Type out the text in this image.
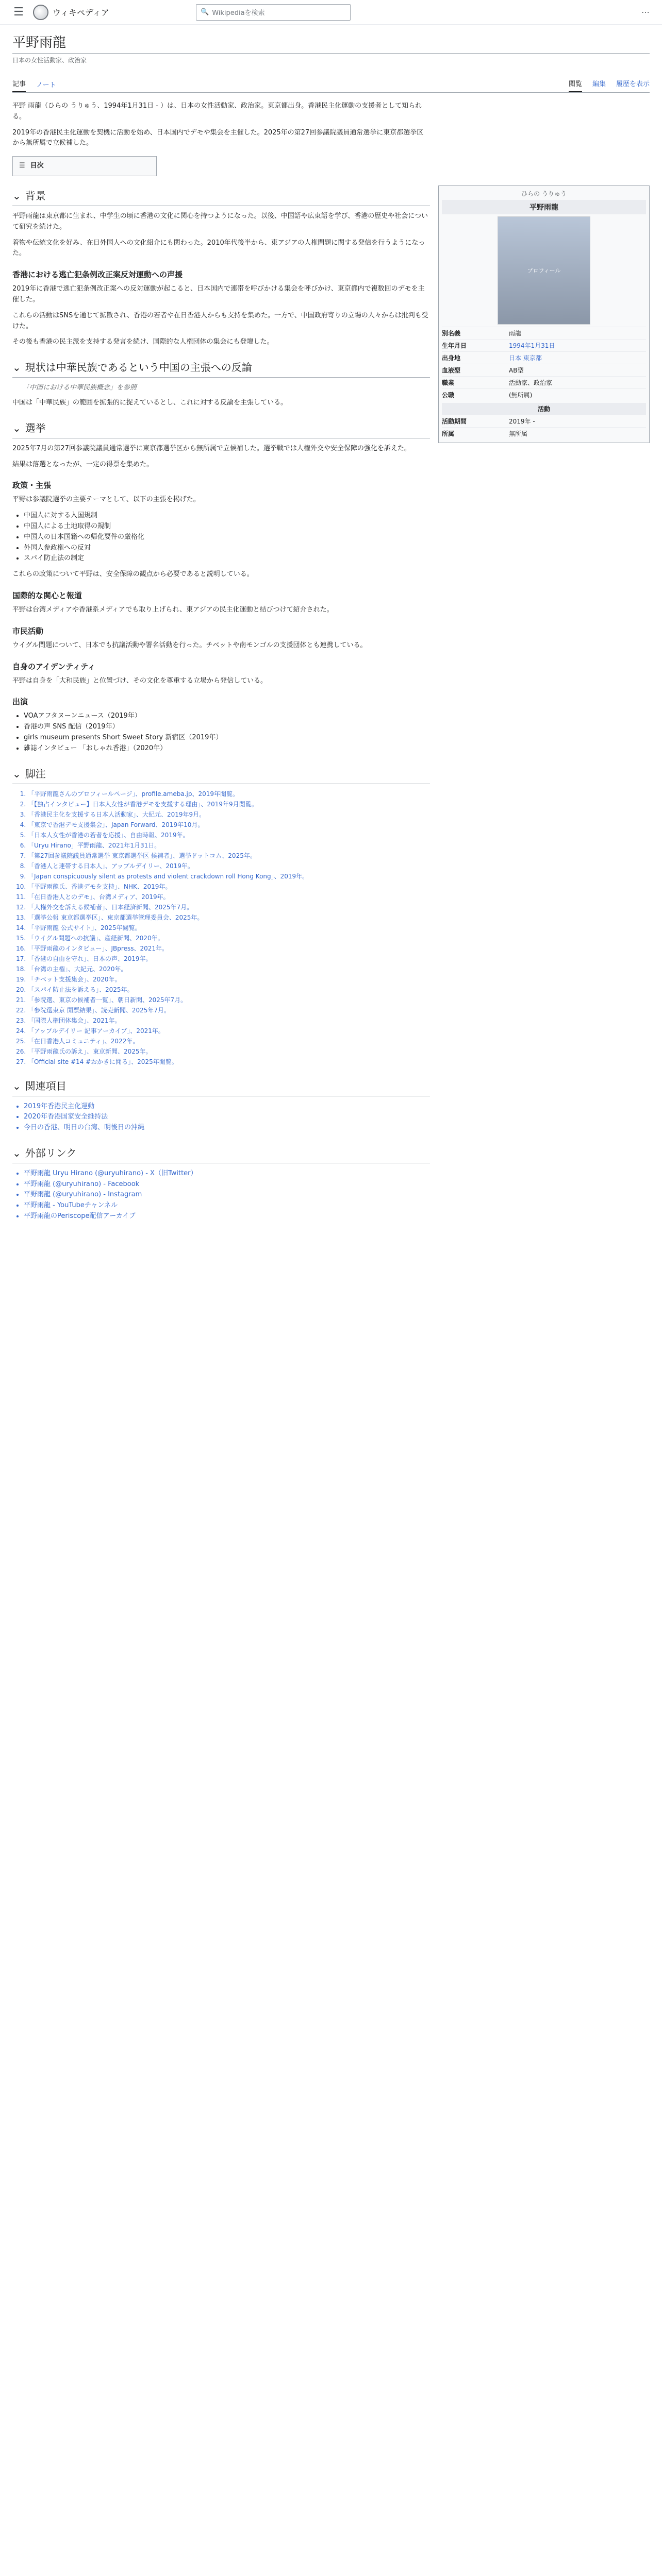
☰	ウィキペディア	🔍 Wikipediaを検索	⋯
平野雨龍
日本の女性活動家、政治家
記事 ノート	閲覧 編集 履歴を表示

平野 雨龍（ひらの うりゅう、1994年1月31日 - ）は、日本の女性活動家、政治家。東京都出身。香港民主化運動の支援者として知られる。

2019年の香港民主化運動を契機に活動を始め、日本国内でデモや集会を主催した。2025年の第27回参議院議員通常選挙に東京都選挙区から無所属で立候補した。

☰ 目次
⌄ 背景

平野雨龍は東京都に生まれ、中学生の頃に香港の文化に関心を持つようになった。以後、中国語や広東語を学び、香港の歴史や社会について研究を続けた。

着物や伝統文化を好み、在日外国人への文化紹介にも関わった。2010年代後半から、東アジアの人権問題に関する発信を行うようになった。

香港における逃亡犯条例改正案反対運動への声援

2019年に香港で逃亡犯条例改正案への反対運動が起こると、日本国内で連帯を呼びかける集会を呼びかけ、東京都内で複数回のデモを主催した。

これらの活動はSNSを通じて拡散され、香港の若者や在日香港人からも支持を集めた。一方で、中国政府寄りの立場の人々からは批判も受けた。

その後も香港の民主派を支持する発言を続け、国際的な人権団体の集会にも登壇した。

⌄ 現状は中華民族であるという中国の主張への反論
「中国における中華民族概念」を参照

中国は「中華民族」の範囲を拡張的に捉えているとし、これに対する反論を主張している。

⌄ 選挙

2025年7月の第27回参議院議員通常選挙に東京都選挙区から無所属で立候補した。選挙戦では人権外交や安全保障の強化を訴えた。

結果は落選となったが、一定の得票を集めた。

政策・主張

平野は参議院選挙の主要テーマとして、以下の主張を掲げた。

• 中国人に対する入国規制
• 中国人による土地取得の規制
• 中国人の日本国籍への帰化要件の厳格化
• 外国人参政権への反対
• スパイ防止法の制定

これらの政策について平野は、安全保障の観点から必要であると説明している。

国際的な関心と報道

平野は台湾メディアや香港系メディアでも取り上げられ、東アジアの民主化運動と結びつけて紹介された。

市民活動

ウイグル問題について、日本でも抗議活動や署名活動を行った。チベットや南モンゴルの支援団体とも連携している。

自身のアイデンティティ

平野は自身を「大和民族」と位置づけ、その文化を尊重する立場から発信している。

出演
• VOAアフタヌーンニュース（2019年）
• 香港の声 SNS 配信（2019年）
• girls museum presents Short Sweet Story 新宿区（2019年）
• 雑誌インタビュー 「おしゃれ香港」（2020年）
⌄ 脚注
1. 「平野雨龍さんのプロフィールページ」、profile.ameba.jp、2019年閲覧。
2. 「【独占インタビュー】日本人女性が香港デモを支援する理由」、2019年9月閲覧。
3. 「香港民主化を支援する日本人活動家」、大紀元、2019年9月。
4. 「東京で香港デモ支援集会」、Japan Forward、2019年10月。
5. 「日本人女性が香港の若者を応援」、自由時報、2019年。
6. 「Uryu Hirano」平野雨龍、2021年1月31日。
7. 「第27回参議院議員通常選挙 東京都選挙区 候補者」、選挙ドットコム、2025年。
8. 「香港人と連帯する日本人」、アップルデイリー、2019年。
9. 「Japan conspicuously silent as protests and violent crackdown roll Hong Kong」、2019年。
10. 「平野雨龍氏、香港デモを支持」、NHK、2019年。
11. 「在日香港人とのデモ」、台湾メディア、2019年。
12. 「人権外交を訴える候補者」、日本経済新聞、2025年7月。
13. 「選挙公報 東京都選挙区」、東京都選挙管理委員会、2025年。
14. 「平野雨龍 公式サイト」、2025年閲覧。
15. 「ウイグル問題への抗議」、産経新聞、2020年。
16. 「平野雨龍のインタビュー」、JBpress、2021年。
17. 「香港の自由を守れ」、日本の声、2019年。
18. 「台湾の主権」、大紀元、2020年。
19. 「チベット支援集会」、2020年。
20. 「スパイ防止法を訴える」、2025年。
21. 「参院選、東京の候補者一覧」、朝日新聞、2025年7月。
22. 「参院選東京 開票結果」、読売新聞、2025年7月。
23. 「国際人権団体集会」、2021年。
24. 「アップルデイリー 記事アーカイブ」、2021年。
25. 「在日香港人コミュニティ」、2022年。
26. 「平野雨龍氏の訴え」、東京新聞、2025年。
27. 「Official site #14 #おかきに聞る」、2025年閲覧。
⌄ 関連項目
• 2019年香港民主化運動
• 2020年香港国家安全維持法
• 今日の香港、明日の台湾、明後日の沖縄
⌄ 外部リンク
• 平野雨龍 Uryu Hirano (@uryuhirano) - X（旧Twitter）
• 平野雨龍 (@uryuhirano) - Facebook
• 平野雨龍 (@uryuhirano) - Instagram
• 平野雨龍 - YouTubeチャンネル
• 平野雨龍のPeriscope配信アーカイブ
ひらの うりゅう
平野雨龍
プロフィール
別名義	雨龍
生年月日	1994年1月31日
出身地	日本 東京都
血液型	AB型
職業	活動家、政治家
公職	(無所属)
活動
活動期間	2019年 -
所属	無所属
